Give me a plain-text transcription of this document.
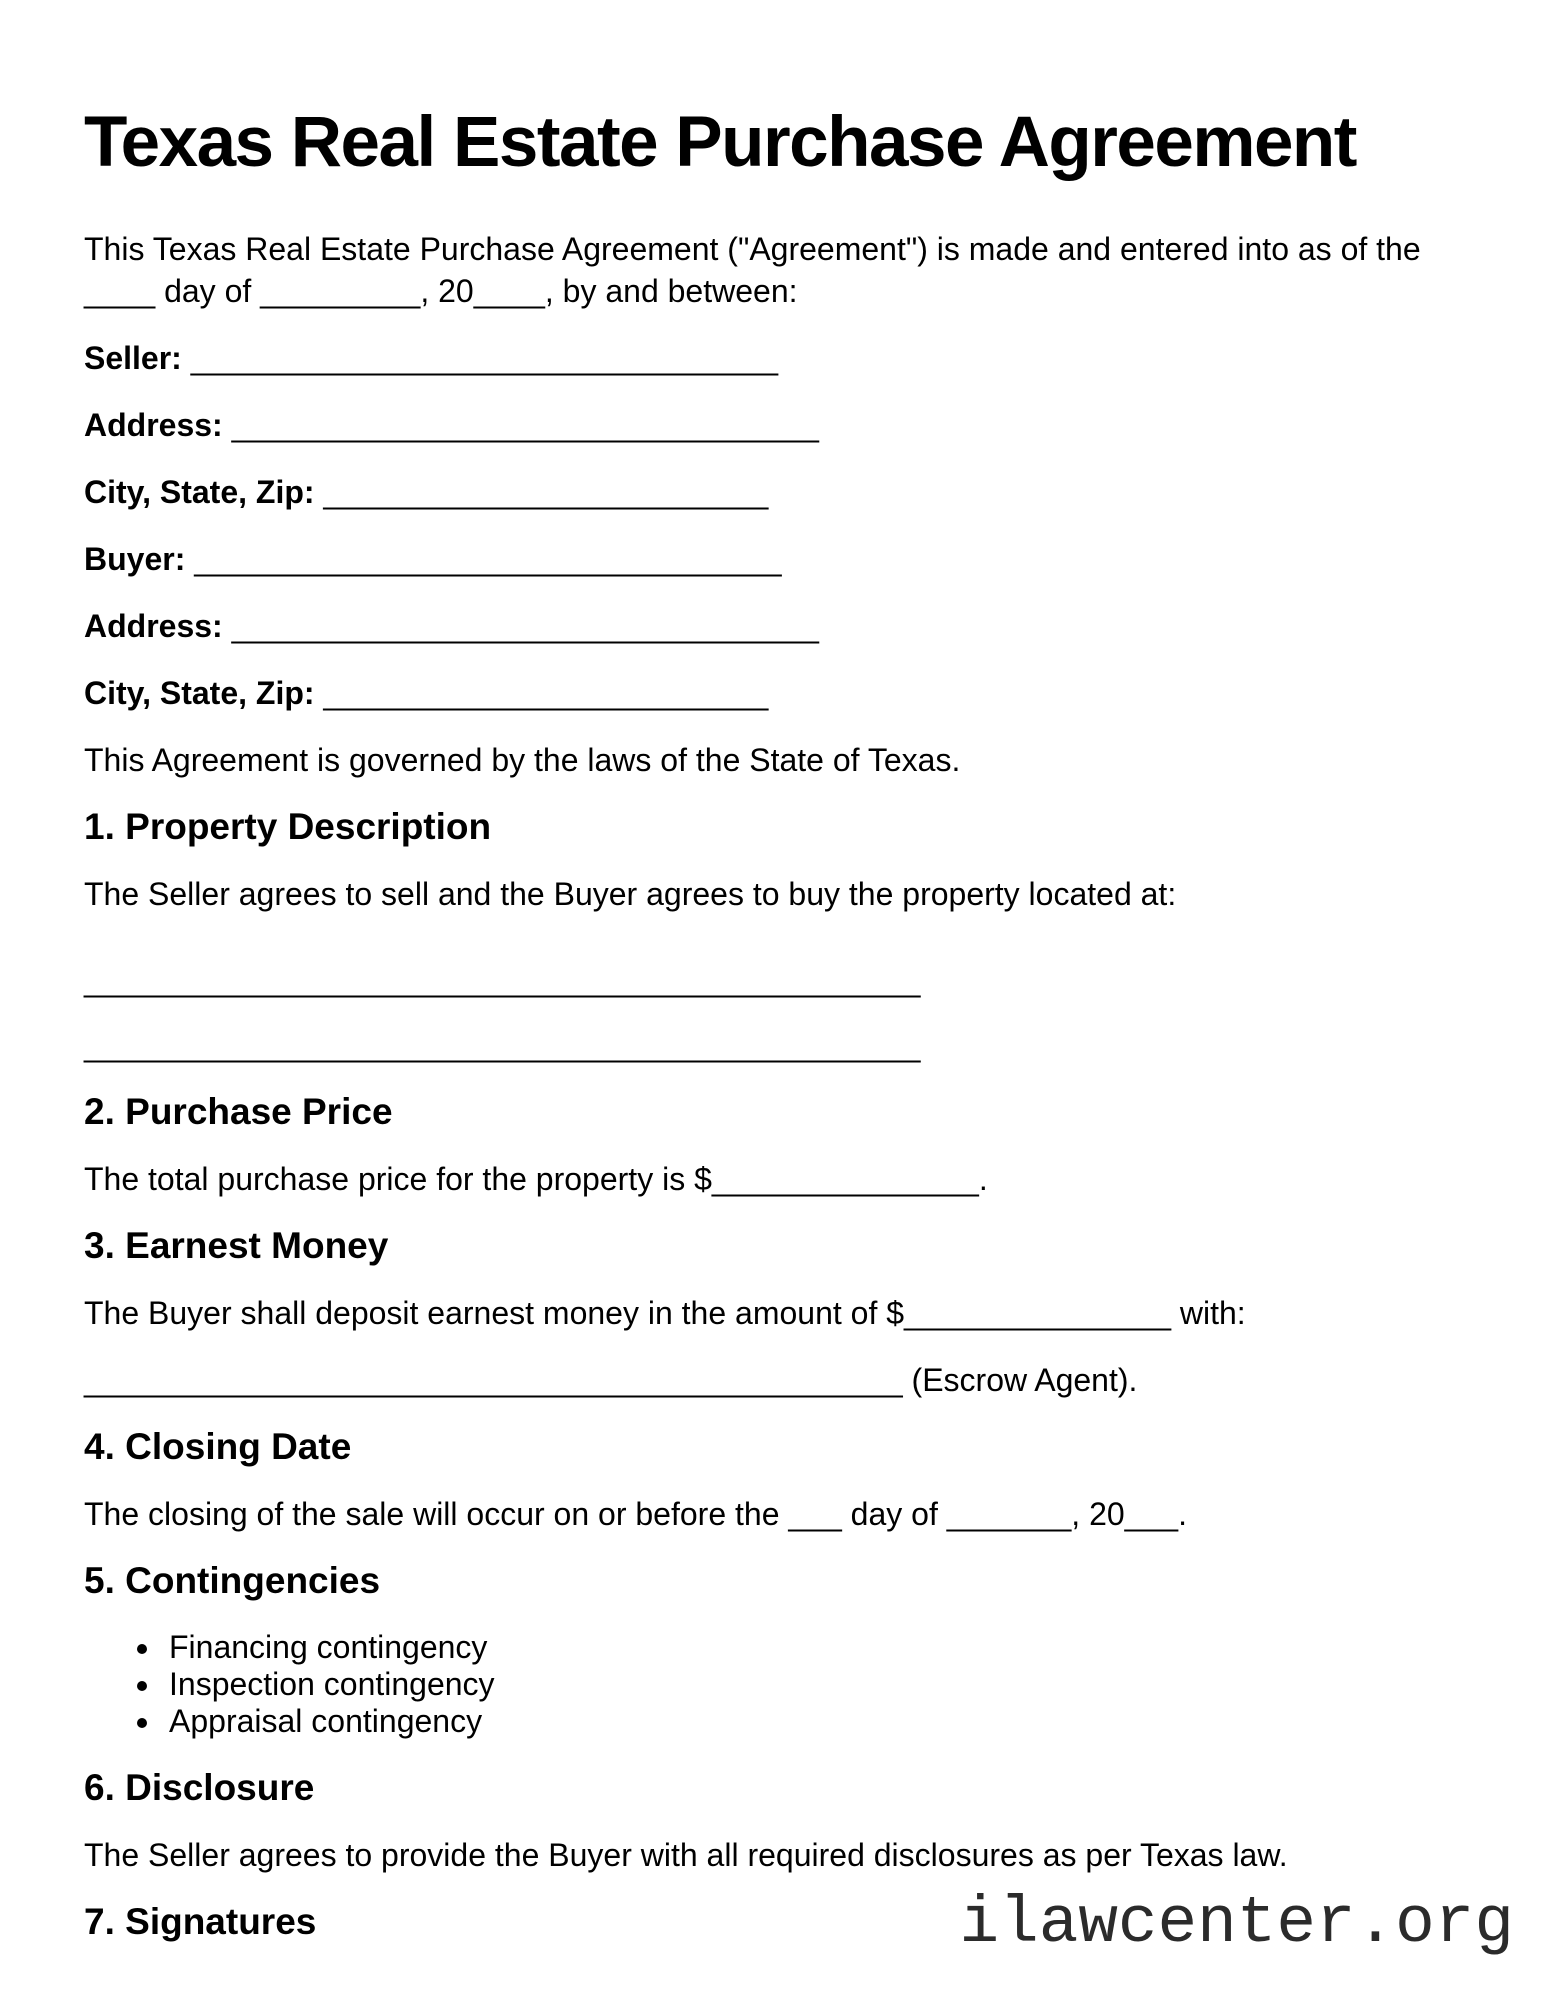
Texas Real Estate Purchase Agreement

This Texas Real Estate Purchase Agreement ("Agreement") is made and entered into as of the ____ day of _________, 20____, by and between:

Seller: _________________________________

Address: _________________________________

City, State, Zip: _________________________

Buyer: _________________________________

Address: _________________________________

City, State, Zip: _________________________

This Agreement is governed by the laws of the State of Texas.

1. Property Description

The Seller agrees to sell and the Buyer agrees to buy the property located at:

_______________________________________________

_______________________________________________

2. Purchase Price

The total purchase price for the property is $_______________.

3. Earnest Money

The Buyer shall deposit earnest money in the amount of $_______________ with:

______________________________________________ (Escrow Agent).

4. Closing Date

The closing of the sale will occur on or before the ___ day of _______, 20___.

5. Contingencies
• Financing contingency
• Inspection contingency
• Appraisal contingency
6. Disclosure

The Seller agrees to provide the Buyer with all required disclosures as per Texas law.

7. Signatures	ilawcenter.org
